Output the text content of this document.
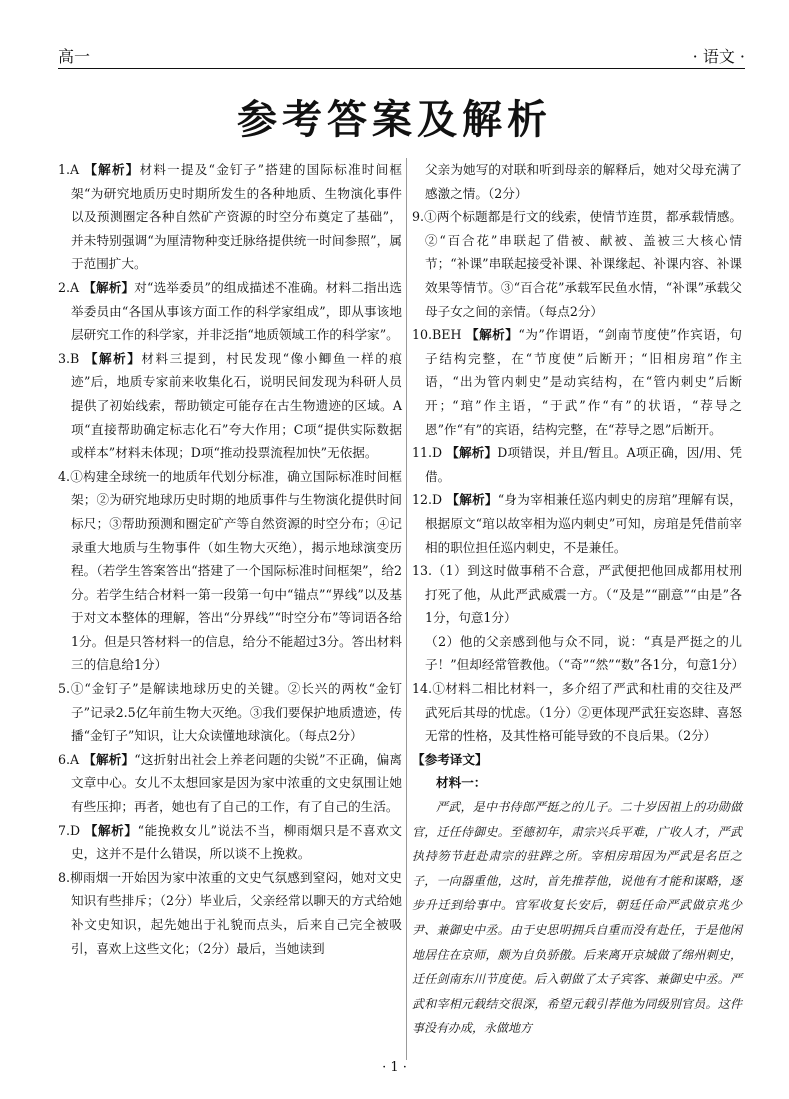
高一	· 语文 ·
参考答案及解析
1.A 【解析】材料一提及“金钉子”搭建的国际标准时间框架“为研究地质历史时期所发生的各种地质、生物演化事件以及预测圈定各种自然矿产资源的时空分布奠定了基础”，并未特别强调“为厘清物种变迁脉络提供统一时间参照”，属于范围扩大。
2.A 【解析】对“选举委员”的组成描述不准确。材料二指出选举委员由“各国从事该方面工作的科学家组成”，即从事该地层研究工作的科学家，并非泛指“地质领域工作的科学家”。
3.B 【解析】材料三提到，村民发现“像小鲫鱼一样的痕迹”后，地质专家前来收集化石，说明民间发现为科研人员提供了初始线索，帮助锁定可能存在古生物遗迹的区域。A项“直接帮助确定标志化石”夸大作用；C项“提供实际数据或样本”材料未体现；D项“推动投票流程加快”无依据。
4.①构建全球统一的地质年代划分标准，确立国际标准时间框架；②为研究地球历史时期的地质事件与生物演化提供时间标尺；③帮助预测和圈定矿产等自然资源的时空分布；④记录重大地质与生物事件（如生物大灭绝），揭示地球演变历程。（若学生答案答出“搭建了一个国际标准时间框架”，给2分。若学生结合材料一第一段第一句中“锚点”“界线”以及基于对文本整体的理解，答出“分界线”“时空分布”等词语各给1分。但是只答材料一的信息，给分不能超过3分。答出材料三的信息给1分）
5.①“金钉子”是解读地球历史的关键。②长兴的两枚“金钉子”记录2.5亿年前生物大灭绝。③我们要保护地质遗迹，传播“金钉子”知识，让大众读懂地球演化。（每点2分）
6.A 【解析】“这折射出社会上养老问题的尖锐”不正确，偏离文章中心。女儿不太想回家是因为家中浓重的文史氛围让她有些压抑；再者，她也有了自己的工作，有了自己的生活。
7.D 【解析】“能挽救女儿”说法不当，柳雨烟只是不喜欢文史，这并不是什么错误，所以谈不上挽救。
8.柳雨烟一开始因为家中浓重的文史气氛感到窒闷，她对文史知识有些排斥；（2分）毕业后，父亲经常以聊天的方式给她补文史知识，起先她出于礼貌而点头，后来自己完全被吸引，喜欢上这些文化；（2分）最后，当她读到
父亲为她写的对联和听到母亲的解释后，她对父母充满了感激之情。（2分）
9.①两个标题都是行文的线索，使情节连贯，都承载情感。②“百合花”串联起了借被、献被、盖被三大核心情节；“补课”串联起接受补课、补课缘起、补课内容、补课效果等情节。③“百合花”承载军民鱼水情，“补课”承载父母子女之间的亲情。（每点2分）
10.BEH 【解析】“为”作谓语，“剑南节度使”作宾语，句子结构完整，在“节度使”后断开；“旧相房琯”作主语，“出为管内刺史”是动宾结构，在“管内刺史”后断开；“琯”作主语，“于武”作“有”的状语，“荐导之恩”作“有”的宾语，结构完整，在“荐导之恩”后断开。
11.D 【解析】D项错误，并且/暂且。A项正确，因/用、凭借。
12.D 【解析】“身为宰相兼任巡内刺史的房琯”理解有误，根据原文“琯以故宰相为巡内刺史”可知，房琯是凭借前宰相的职位担任巡内刺史，不是兼任。
13.（1）到这时做事稍不合意，严武便把他回成都用杖刑打死了他，从此严武威震一方。（“及是”“副意”“由是”各1分，句意1分）
（2）他的父亲感到他与众不同，说：“真是严挺之的儿子！”但却经常管教他。（“奇”“然”“数”各1分，句意1分）
14.①材料二相比材料一，多介绍了严武和杜甫的交往及严武死后其母的忧虑。（1分）②更体现严武狂妄恣肆、喜怒无常的性格，及其性格可能导致的不良后果。（2分）
【参考译文】
材料一：
严武，是中书侍郎严挺之的儿子。二十岁因祖上的功勋做官，迁任侍御史。至德初年，肃宗兴兵平难，广收人才，严武执持笏节赶赴肃宗的驻跸之所。宰相房琯因为严武是名臣之子，一向器重他，这时，首先推荐他，说他有才能和谋略，逐步升迁到给事中。官军收复长安后，朝廷任命严武做京兆少尹、兼御史中丞。由于史思明拥兵自重而没有赴任，于是他闲地居住在京师，颇为自负骄傲。后来离开京城做了绵州刺史，迁任剑南东川节度使。后入朝做了太子宾客、兼御史中丞。严武和宰相元载结交很深，希望元载引荐他为同级别官员。这件事没有办成，永做地方
· 1 ·
